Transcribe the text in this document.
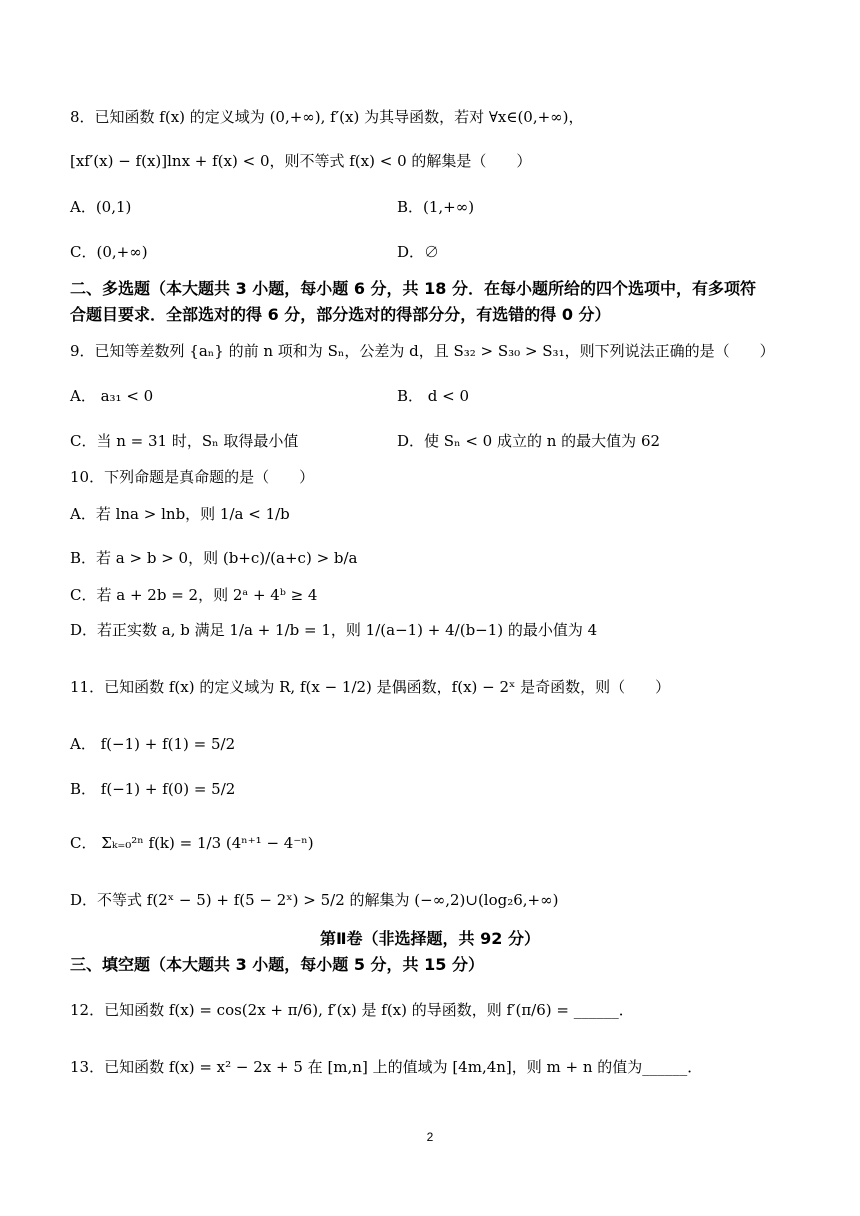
8．已知函数 f(x) 的定义域为 (0,+∞), f′(x) 为其导函数，若对 ∀x∈(0,+∞)，
[xf′(x) − f(x)]lnx + f(x) < 0，则不等式 f(x) < 0 的解集是（　　）
A．(0,1)	B．(1,+∞)
C．(0,+∞)	D．∅
二、多选题（本大题共 3 小题，每小题 6 分，共 18 分．在每小题所给的四个选项中，有多项符
合题目要求．全部选对的得 6 分，部分选对的得部分分，有选错的得 0 分）
9．已知等差数列 {aₙ} 的前 n 项和为 Sₙ，公差为 d，且 S₃₂ > S₃₀ > S₃₁，则下列说法正确的是（　　）
A． a₃₁ < 0	B． d < 0
C．当 n = 31 时，Sₙ 取得最小值	D．使 Sₙ < 0 成立的 n 的最大值为 62
10．下列命题是真命题的是（　　）
A．若 lna > lnb，则 1/a < 1/b
B．若 a > b > 0，则 (b+c)/(a+c) > b/a
C．若 a + 2b = 2，则 2ᵃ + 4ᵇ ≥ 4
D．若正实数 a, b 满足 1/a + 1/b = 1，则 1/(a−1) + 4/(b−1) 的最小值为 4
11．已知函数 f(x) 的定义域为 R, f(x − 1/2) 是偶函数，f(x) − 2ˣ 是奇函数，则（　　）
A． f(−1) + f(1) = 5/2
B． f(−1) + f(0) = 5/2
C． Σₖ₌₀²ⁿ f(k) = 1/3 (4ⁿ⁺¹ − 4⁻ⁿ)
D．不等式 f(2ˣ − 5) + f(5 − 2ˣ) > 5/2 的解集为 (−∞,2)∪(log₂6,+∞)
第Ⅱ卷（非选择题，共 92 分）
三、填空题（本大题共 3 小题，每小题 5 分，共 15 分）
12．已知函数 f(x) = cos(2x + π/6), f′(x) 是 f(x) 的导函数，则 f′(π/6) = ______．
13．已知函数 f(x) = x² − 2x + 5 在 [m,n] 上的值域为 [4m,4n]，则 m + n 的值为______．
2
